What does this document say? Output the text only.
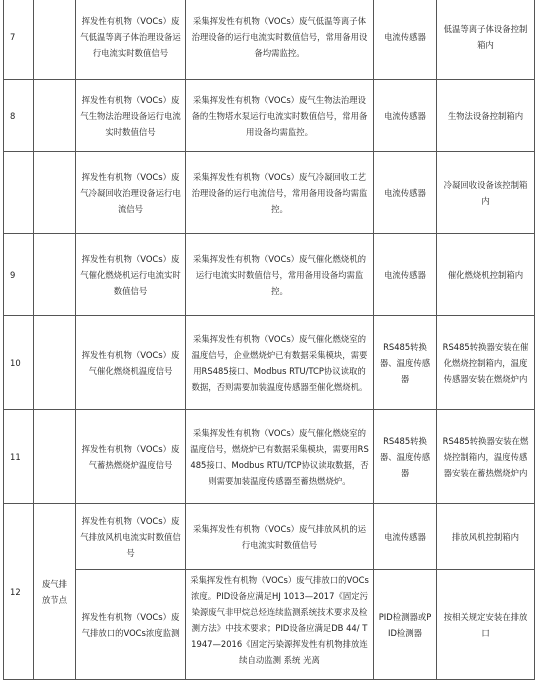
7		挥发性有机物（VOCs）废气低温等离子体治理设备运行电流实时数值信号	采集挥发性有机物（VOCs）废气低温等离子体治理设备的运行电流实时数值信号，常用备用设备均需监控。	电流传感器	低温等离子体设备控制箱内
8		挥发性有机物（VOCs）废气生物法治理设备运行电流实时数值信号	采集挥发性有机物（VOCs）废气生物法治理设备的生物塔水泵运行电流实时数值信号，常用备用设备均需监控。	电流传感器	生物法设备控制箱内
		挥发性有机物（VOCs）废气冷凝回收治理设备运行电流信号	采集挥发性有机物（VOCs）废气冷凝回收工艺治理设备的运行电流信号，常用备用设备均需监控。	电流传感器	冷凝回收设备该控制箱内
9		挥发性有机物（VOCs）废气催化燃烧机运行电流实时数值信号	采集挥发性有机物（VOCs）废气催化燃烧机的运行电流实时数值信号，常用备用设备均需监控。	电流传感器	催化燃烧机控制箱内
10		挥发性有机物（VOCs）废气催化燃烧机温度信号	采集挥发性有机物（VOCs）废气催化燃烧室的温度信号，企业燃烧炉已有数据采集模块，需要用RS485接口、Modbus RTU/TCP协议读取的数据，否则需要加装温度传感器至催化燃烧机。	RS485转换器、温度传感器	RS485转换器安装在催化燃烧控制箱内，温度传感器安装在燃烧炉内
11		挥发性有机物（VOCs）废气蓄热燃烧炉温度信号	采集挥发性有机物（VOCs）废气催化燃烧室的温度信号，燃烧炉已有数据采集模块，需要用RS485接口、Modbus RTU/TCP协议读取数据，否则需要加装温度传感器至蓄热燃烧炉。	RS485转换器、温度传感器	RS485转换器安装在燃烧控制箱内，温度传感器安装在蓄热燃烧炉内
12	废气排放节点	挥发性有机物（VOCs）废气排放风机电流实时数值信号	采集挥发性有机物（VOCs）废气排放风机的运行电流实时数值信号	电流传感器	排放风机控制箱内
		挥发性有机物（VOCs）废气排放口的VOCs浓度监测	采集挥发性有机物（VOCs）废气排放口的VOCs浓度。PID设备应满足HJ 1013—2017《固定污染源废气非甲烷总烃连续监测系统技术要求及检测方法》中技术要求；PID设备应满足DB 44/ T 1947—2016《固定污染源挥发性有机物排放连续自动监测 系统 光离	PID检测器或PID检测器	按相关规定安装在排放口
